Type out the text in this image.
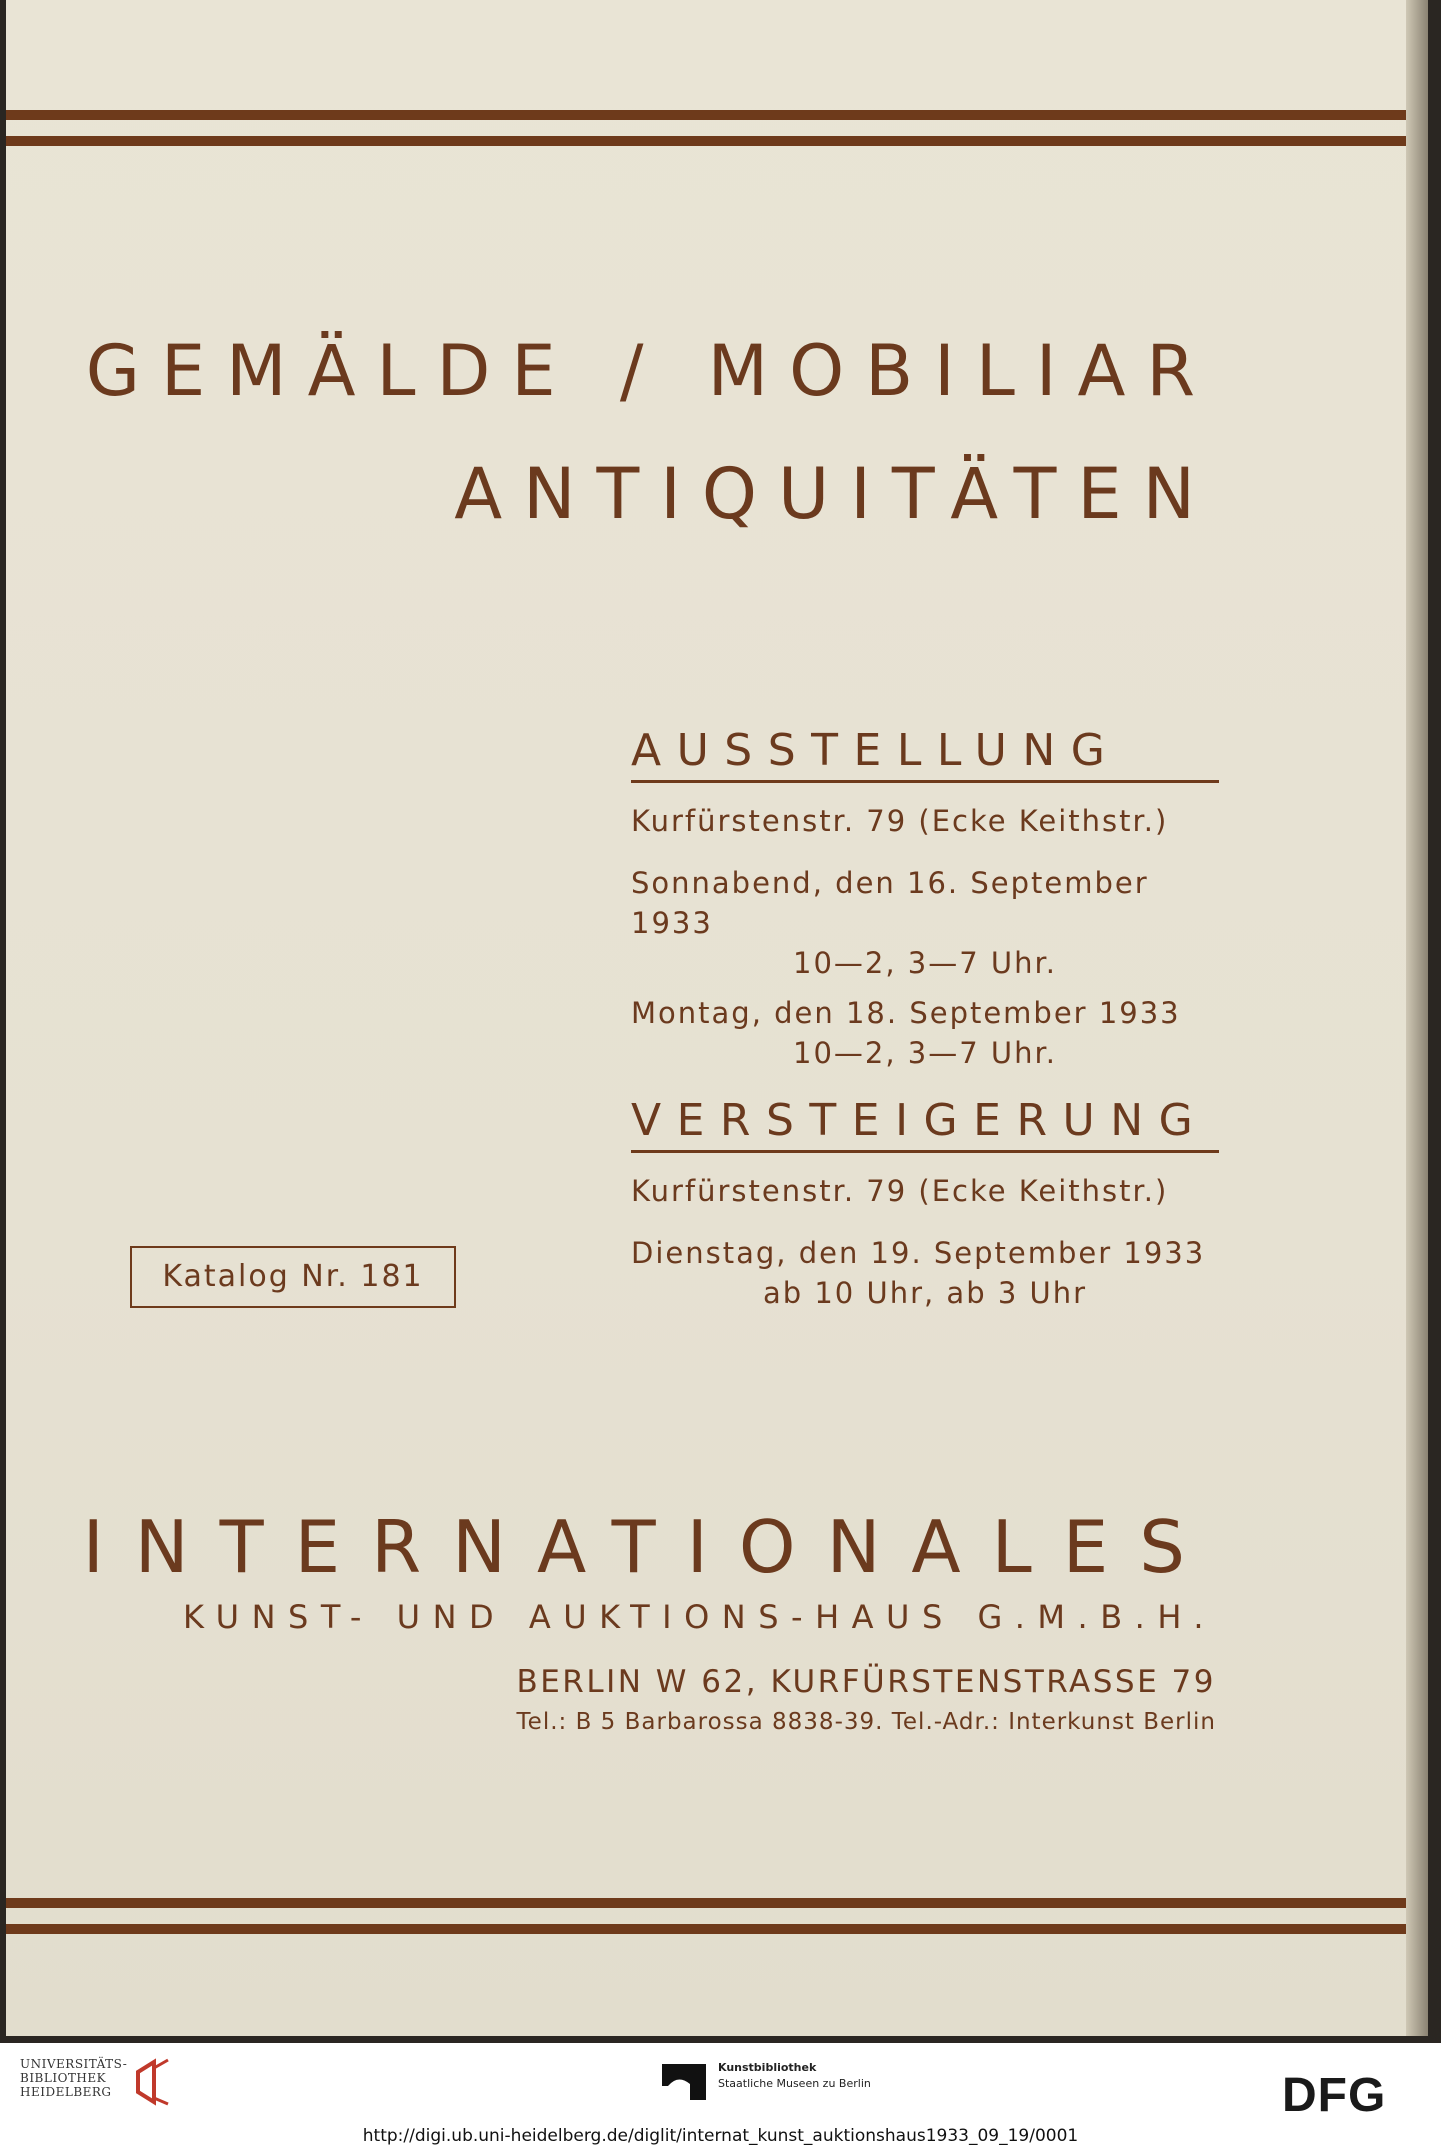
GEMÄLDE / MOBILIAR
ANTIQUITÄTEN
AUSSTELLUNG
Kurfürstenstr. 79 (Ecke Keithstr.)
Sonnabend, den 16. September 1933
10—2, 3—7 Uhr.
Montag, den 18. September 1933
10—2, 3—7 Uhr.
VERSTEIGERUNG
Kurfürstenstr. 79 (Ecke Keithstr.)
Dienstag, den 19. September 1933
ab 10 Uhr, ab 3 Uhr
Katalog Nr. 181
INTERNATIONALES
KUNST- UND AUKTIONS-HAUS G.M.B.H.
BERLIN W 62, KURFÜRSTENSTRASSE 79
Tel.: B 5 Barbarossa 8838-39. Tel.-Adr.: Interkunst Berlin
UNIVERSITÄTS-
BIBLIOTHEK
HEIDELBERG
Kunstbibliothek
Staatliche Museen zu Berlin	DFG
http://digi.ub.uni-heidelberg.de/diglit/internat_kunst_auktionshaus1933_09_19/0001
